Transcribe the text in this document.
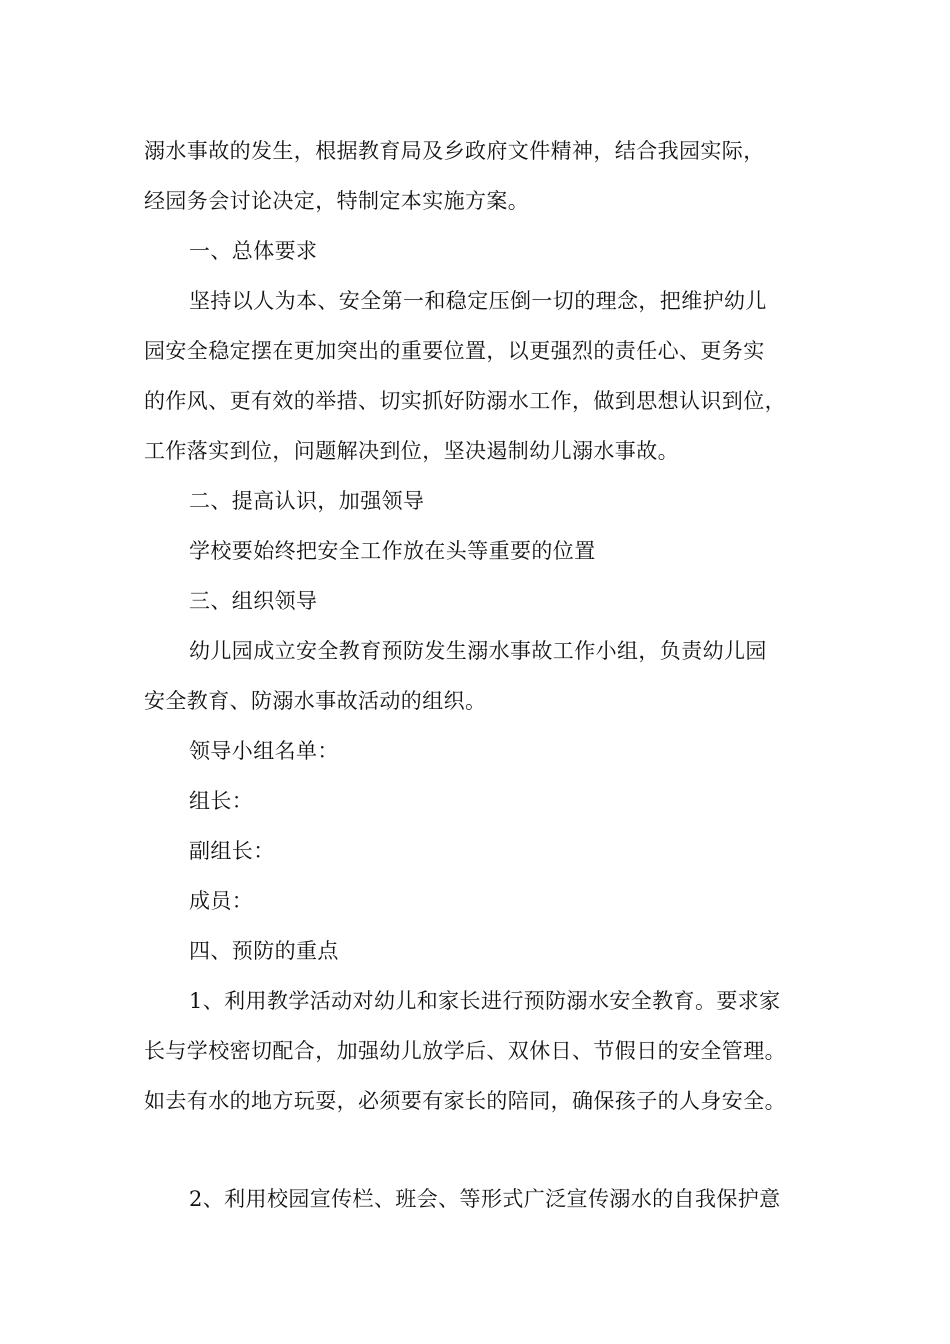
溺水事故的发生，根据教育局及乡政府文件精神，结合我园实际，
经园务会讨论决定，特制定本实施方案。
一、总体要求
坚持以人为本、安全第一和稳定压倒一切的理念，把维护幼儿
园安全稳定摆在更加突出的重要位置，以更强烈的责任心、更务实
的作风、更有效的举措、切实抓好防溺水工作，做到思想认识到位，
工作落实到位，问题解决到位，坚决遏制幼儿溺水事故。
二、提高认识，加强领导
学校要始终把安全工作放在头等重要的位置
三、组织领导
幼儿园成立安全教育预防发生溺水事故工作小组，负责幼儿园
安全教育、防溺水事故活动的组织。
领导小组名单：
组长：
副组长：
成员：
四、预防的重点
1、利用教学活动对幼儿和家长进行预防溺水安全教育。要求家
长与学校密切配合，加强幼儿放学后、双休日、节假日的安全管理。
如去有水的地方玩耍，必须要有家长的陪同，确保孩子的人身安全。
2、利用校园宣传栏、班会、等形式广泛宣传溺水的自我保护意
